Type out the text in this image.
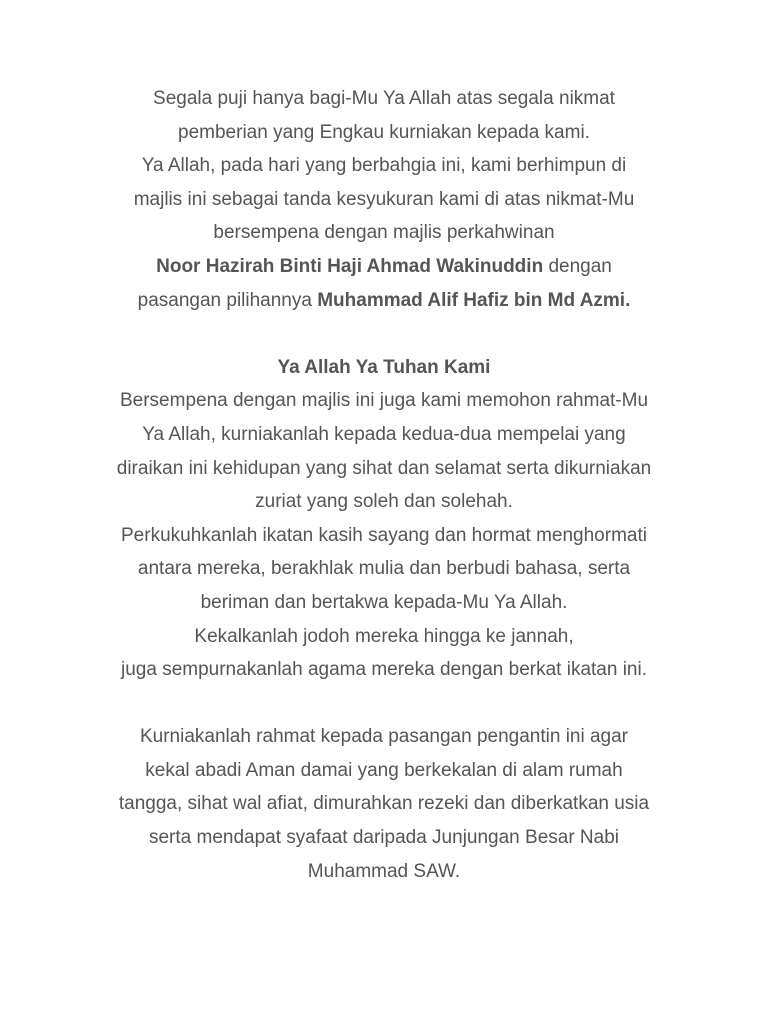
Segala puji hanya bagi-Mu Ya Allah atas segala nikmat
pemberian yang Engkau kurniakan kepada kami.
Ya Allah, pada hari yang berbahgia ini, kami berhimpun di
majlis ini sebagai tanda kesyukuran kami di atas nikmat-Mu
bersempena dengan majlis perkahwinan
Noor Hazirah Binti Haji Ahmad Wakinuddin dengan
pasangan pilihannya Muhammad Alif Hafiz bin Md Azmi.
Ya Allah Ya Tuhan Kami
Bersempena dengan majlis ini juga kami memohon rahmat-Mu
Ya Allah, kurniakanlah kepada kedua-dua mempelai yang
diraikan ini kehidupan yang sihat dan selamat serta dikurniakan
zuriat yang soleh dan solehah.
Perkukuhkanlah ikatan kasih sayang dan hormat menghormati
antara mereka, berakhlak mulia dan berbudi bahasa, serta
beriman dan bertakwa kepada-Mu Ya Allah.
Kekalkanlah jodoh mereka hingga ke jannah,
juga sempurnakanlah agama mereka dengan berkat ikatan ini.
Kurniakanlah rahmat kepada pasangan pengantin ini agar
kekal abadi Aman damai yang berkekalan di alam rumah
tangga, sihat wal afiat, dimurahkan rezeki dan diberkatkan usia
serta mendapat syafaat daripada Junjungan Besar Nabi
Muhammad SAW.
